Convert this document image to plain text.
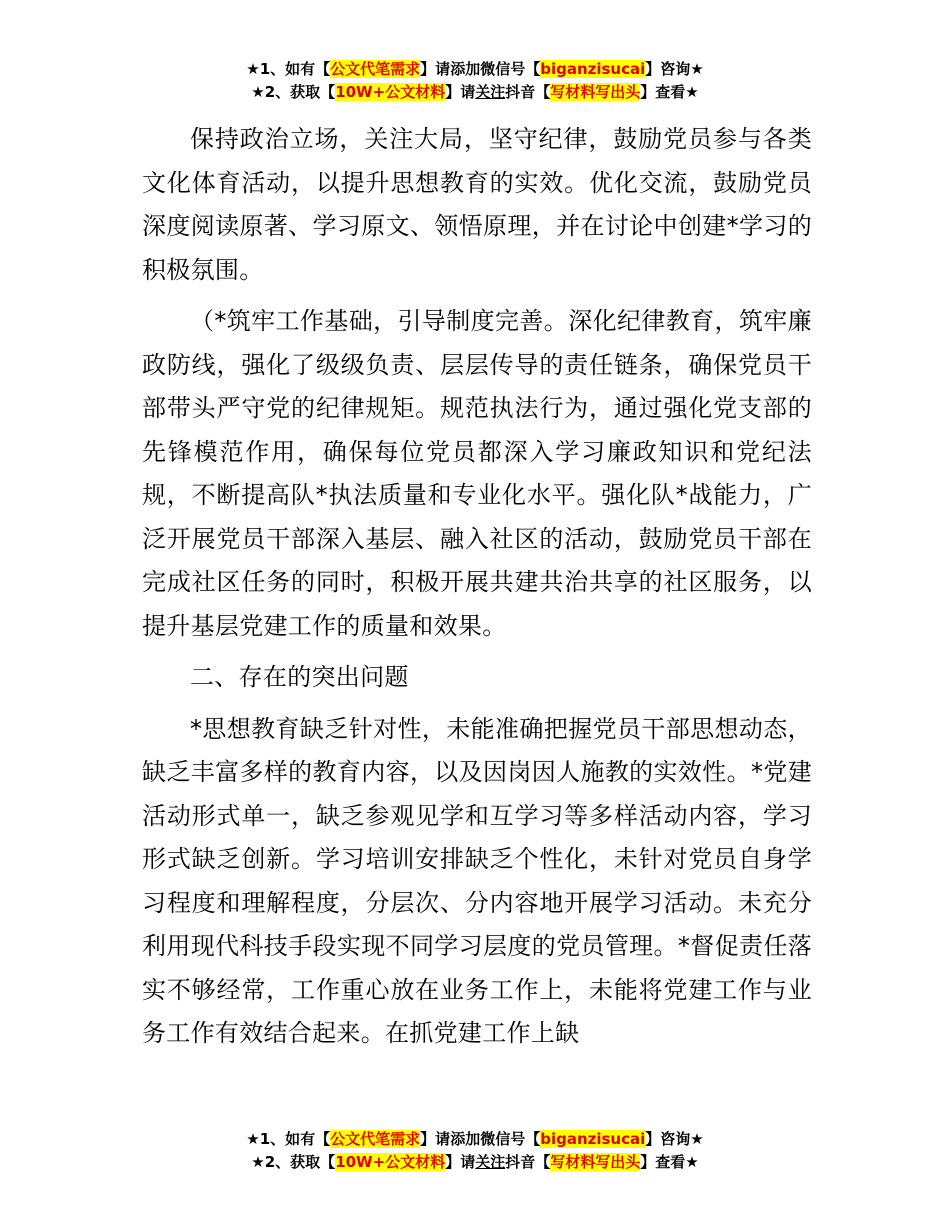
★1、如有【公文代笔需求】请添加微信号【biganzisucai】咨询★
★2、获取【10W+公文材料】请关注抖音【写材料写出头】查看★

保持政治立场，关注大局，坚守纪律，鼓励党员参与各类文化体育活动，以提升思想教育的实效。优化交流，鼓励党员深度阅读原著、学习原文、领悟原理，并在讨论中创建*学习的积极氛围。

（*筑牢工作基础，引导制度完善。深化纪律教育，筑牢廉政防线，强化了级级负责、层层传导的责任链条，确保党员干部带头严守党的纪律规矩。规范执法行为，通过强化党支部的先锋模范作用，确保每位党员都深入学习廉政知识和党纪法规，不断提高队*执法质量和专业化水平。强化队*战能力，广泛开展党员干部深入基层、融入社区的活动，鼓励党员干部在完成社区任务的同时，积极开展共建共治共享的社区服务，以提升基层党建工作的质量和效果。

二、存在的突出问题

*思想教育缺乏针对性，未能准确把握党员干部思想动态，缺乏丰富多样的教育内容，以及因岗因人施教的实效性。*党建活动形式单一，缺乏参观见学和互学习等多样活动内容，学习形式缺乏创新。学习培训安排缺乏个性化，未针对党员自身学习程度和理解程度，分层次、分内容地开展学习活动。未充分利用现代科技手段实现不同学习层度的党员管理。*督促责任落实不够经常，工作重心放在业务工作上，未能将党建工作与业务工作有效结合起来。在抓党建工作上缺

★1、如有【公文代笔需求】请添加微信号【biganzisucai】咨询★
★2、获取【10W+公文材料】请关注抖音【写材料写出头】查看★
